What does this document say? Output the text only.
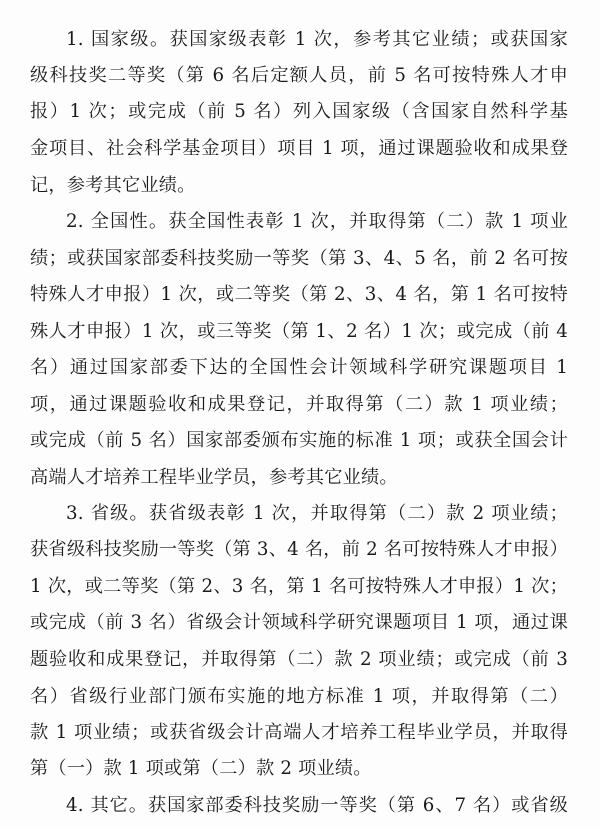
1. 国家级。获国家级表彰 1 次，参考其它业绩；或获国家
级科技奖二等奖（第 6 名后定额人员，前 5 名可按特殊人才申
报）1 次；或完成（前 5 名）列入国家级（含国家自然科学基
金项目、社会科学基金项目）项目 1 项，通过课题验收和成果登
记，参考其它业绩。
2. 全国性。获全国性表彰 1 次，并取得第（二）款 1 项业
绩；或获国家部委科技奖励一等奖（第 3、4、5 名，前 2 名可按
特殊人才申报）1 次，或二等奖（第 2、3、4 名，第 1 名可按特
殊人才申报）1 次，或三等奖（第 1、2 名）1 次；或完成（前 4
名）通过国家部委下达的全国性会计领域科学研究课题项目 1
项，通过课题验收和成果登记，并取得第（二）款 1 项业绩；
或完成（前 5 名）国家部委颁布实施的标准 1 项；或获全国会计
高端人才培养工程毕业学员，参考其它业绩。
3. 省级。获省级表彰 1 次，并取得第（二）款 2 项业绩；
获省级科技奖励一等奖（第 3、4 名，前 2 名可按特殊人才申报）
1 次，或二等奖（第 2、3 名，第 1 名可按特殊人才申报）1 次；
或完成（前 3 名）省级会计领域科学研究课题项目 1 项，通过课
题验收和成果登记，并取得第（二）款 2 项业绩；或完成（前 3
名）省级行业部门颁布实施的地方标准 1 项，并取得第（二）
款 1 项业绩；或获省级会计高端人才培养工程毕业学员，并取得
第（一）款 1 项或第（二）款 2 项业绩。
4. 其它。获国家部委科技奖励一等奖（第 6、7 名）或省级
